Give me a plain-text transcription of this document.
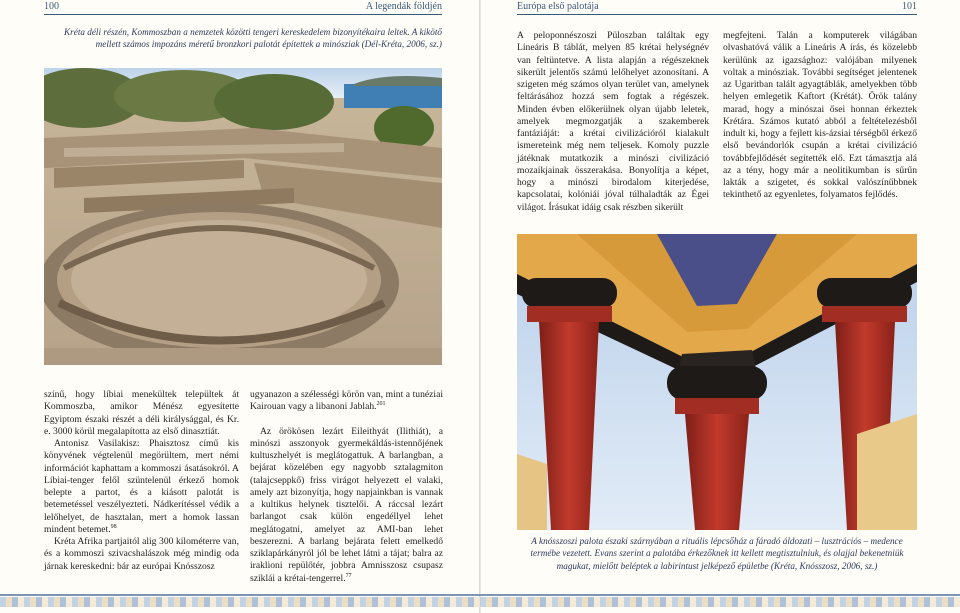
100	A legendák földjén
Kréta déli részén, Kommoszban a nemzetek közötti tengeri kereskedelem bizonyítékaira leltek. A kikötő mellett számos impozáns méretű bronzkori palotát építettek a minósziak (Dél-Kréta, 2006, sz.)

színű, hogy líbiai menekültek települtek át Kommoszba, amikor Ménész egyesítette Egyiptom északi részét a déli királysággal, és Kr. e. 3000 körül megalapította az első dinasztiát.

Antonisz Vasilakisz: Phaisztosz című kis könyvének végtelenül megörültem, mert némi információt kaphattam a kommoszi ásatásokról. A Líbiai-tenger felől szüntelenül érkező homok belepte a partot, és a kiásott palotát is betemetéssel veszélyezteti. Nádkerítéssel védik a lelőhelyet, de hasztalan, mert a homok lassan mindent betemet.$^{98}$

Kréta Afrika partjaitól alig 300 kilométerre van, és a kommoszi szivacshalászok még mindig oda járnak kereskedni: bár az európai Knósszosz

ugyanazon a szélességi körön van, mint a tunéziai Kairouan vagy a libanoni Jablah.$^{201}$

Az örökösen lezárt Eileithyát (Ilithiát), a minószi asszonyok gyermekáldás-istennőjének kultuszhelyét is meglátogattuk. A barlangban, a bejárat közelében egy nagyobb sztalagmiton (talajcseppkő) friss virágot helyezett el valaki, amely azt bizonyítja, hogy napjainkban is vannak a kultikus helynek tisztelői. A ráccsal lezárt barlangot csak külön engedéllyel lehet meglátogatni, amelyet az AMI-ban lehet beszerezni. A barlang bejárata felett emelkedő sziklapárkányról jól be lehet látni a tájat; balra az iraklioni repülőtér, jobbra Amnisszosz csupasz sziklái a krétai-tengerrel.$^{77}$

Európa első palotája	101

A peloponnészoszi Püloszban találtak egy Lineáris B táblát, melyen 85 krétai helységnév van feltüntetve. A lista alapján a régészeknek sikerült jelentős számú lelőhelyet azonosítani. A szigeten még számos olyan terület van, amelynek feltárásához hozzá sem fogtak a régészek. Minden évben előkerülnek olyan újabb leletek, amelyek megmozgatják a szakemberek fantáziáját: a krétai civilizációról kialakult ismereteink még nem teljesek. Komoly puzzle játéknak mutatkozik a minószi civilizáció mozaikjainak összerakása. Bonyolítja a képet, hogy a minószi birodalom kiterjedése, kapcsolatai, kolóniái jóval túlhaladták az Égei világot. Írásukat idáig csak részben sikerült

megfejteni. Talán a komputerek világában olvashatóvá válik a Lineáris A írás, és közelebb kerülünk az igazsághoz: valójában milyenek voltak a minósziak. További segítséget jelentenek az Ugaritban talált agyagtáblák, amelyekben több helyen emlegetik Kaftort (Krétát). Örök talány marad, hogy a minószai ősei honnan érkeztek Krétára. Számos kutató abból a feltételezésből indult ki, hogy a fejlett kis-ázsiai térségből érkező első bevándorlók csupán a krétai civilizáció továbbfejlődését segítették elő. Ezt támasztja alá az a tény, hogy már a neolitikumban is sűrűn lakták a szigetet, és sokkal valószínűbbnek tekinthető az egyenletes, folyamatos fejlődés.

A knósszoszi palota északi szárnyában a rituális lépcsőház a fáradó áldozati – lusztrációs – medence termébe vezetett. Evans szerint a palotába érkezőknek itt kellett megtisztulniuk, és olajjal bekenetniük magukat, mielőtt beléptek a labirintust jelképező épületbe (Kréta, Knósszosz, 2006, sz.)
